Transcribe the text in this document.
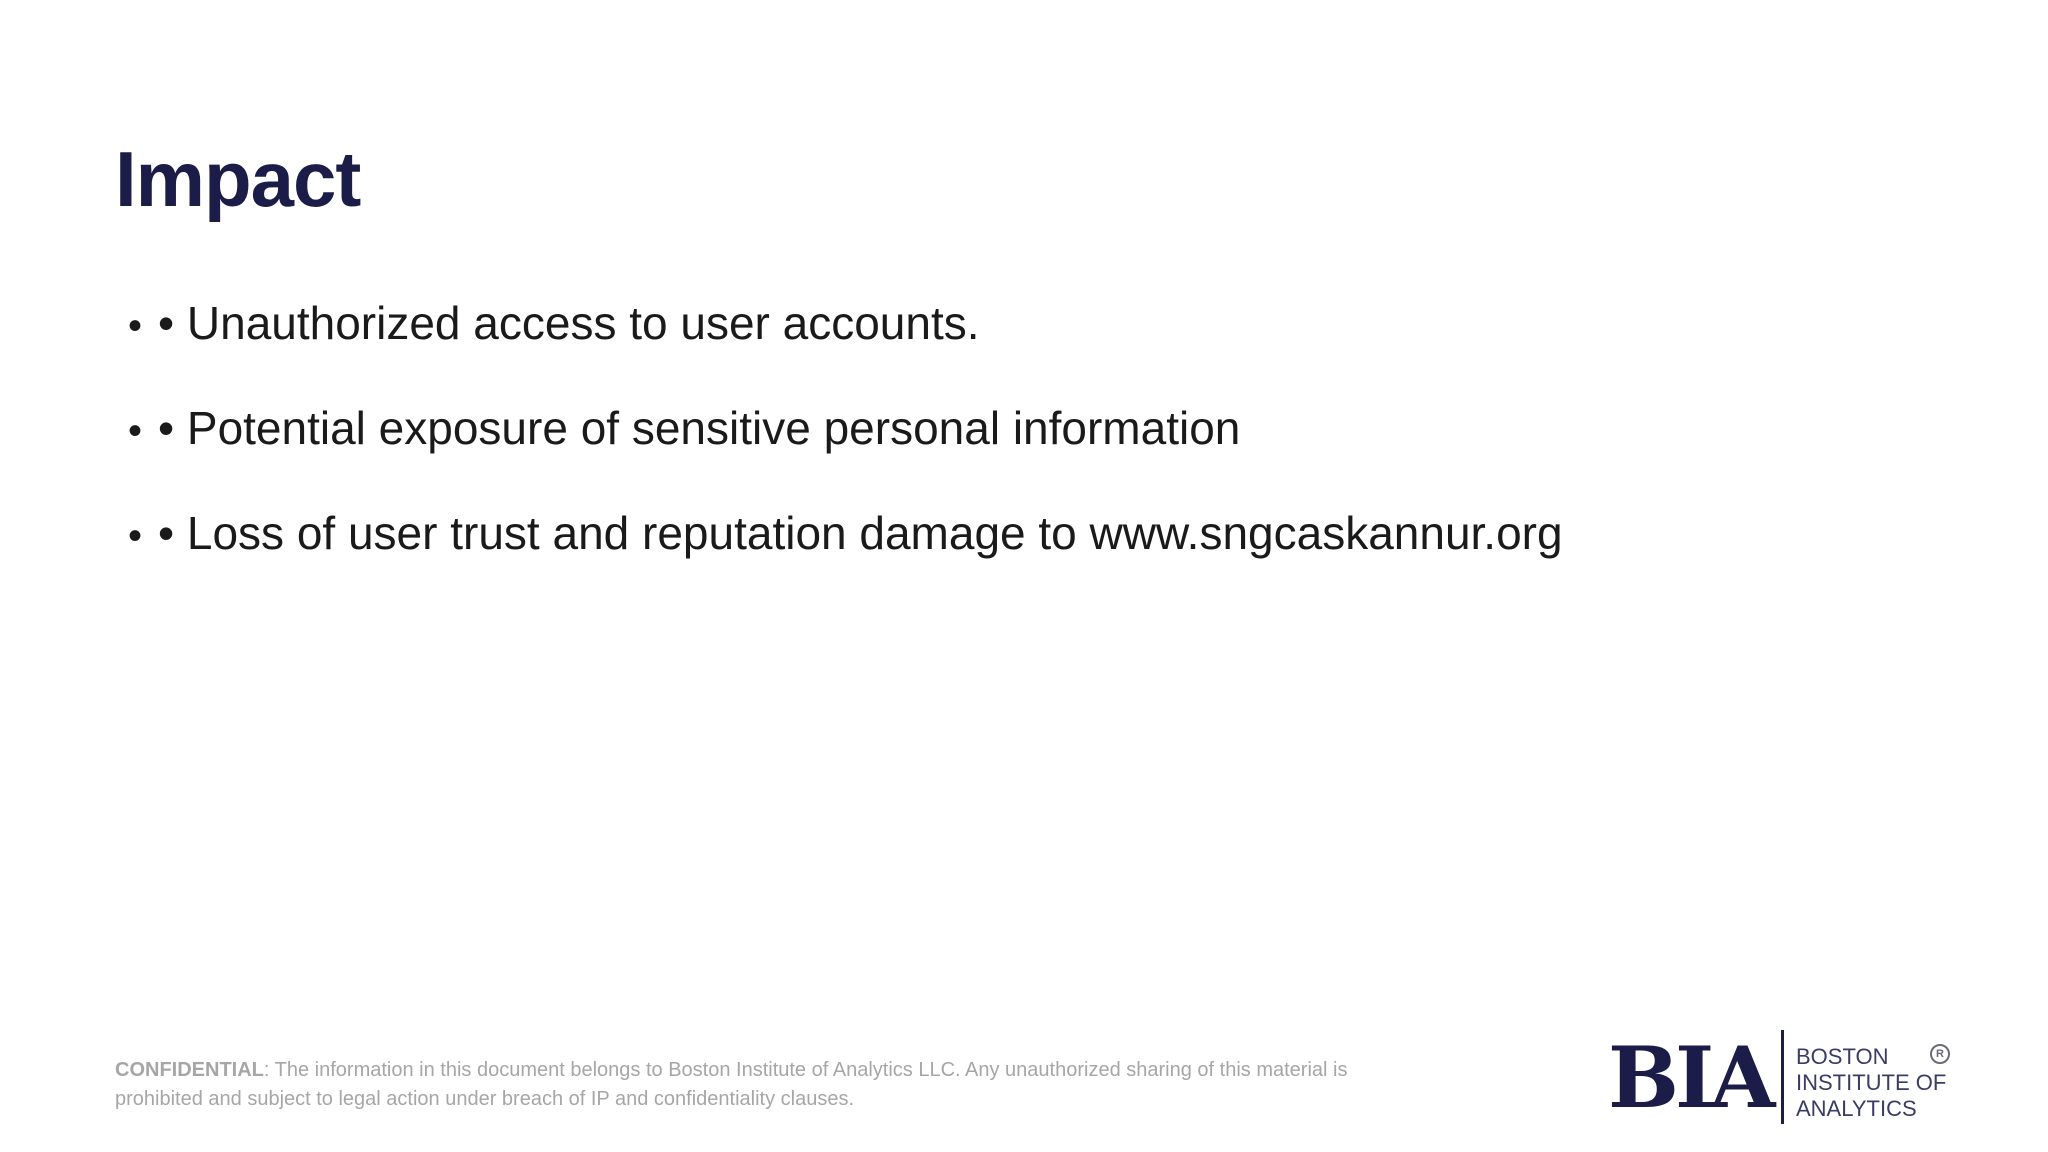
Impact
• • Unauthorized access to user accounts.
• • Potential exposure of sensitive personal information
• • Loss of user trust and reputation damage to www.sngcaskannur.org
CONFIDENTIAL: The information in this document belongs to Boston Institute of Analytics LLC. Any unauthorized sharing of this material is prohibited and subject to legal action under breach of IP and confidentiality clauses.	BIA BOSTON
INSTITUTE OF
ANALYTICS
R
